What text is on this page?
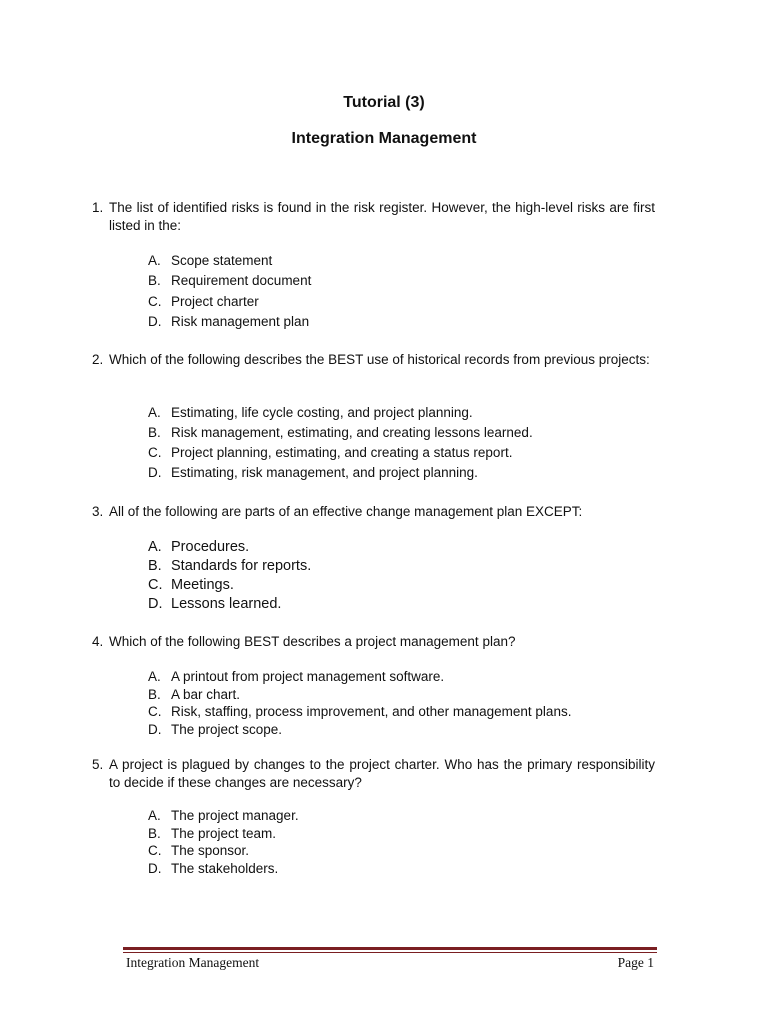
Tutorial (3)
Integration Management
1. The list of identified risks is found in the risk register. However, the high-level risks are first listed in the:
A. Scope statement
B. Requirement document
C. Project charter
D. Risk management plan
2. Which of the following describes the BEST use of historical records from previous projects:
A. Estimating, life cycle costing, and project planning.
B. Risk management, estimating, and creating lessons learned.
C. Project planning, estimating, and creating a status report.
D. Estimating, risk management, and project planning.
3. All of the following are parts of an effective change management plan EXCEPT:
A. Procedures.
B. Standards for reports.
C. Meetings.
D. Lessons learned.
4. Which of the following BEST describes a project management plan?
A. A printout from project management software.
B. A bar chart.
C. Risk, staffing, process improvement, and other management plans.
D. The project scope.
5. A project is plagued by changes to the project charter. Who has the primary responsibility to decide if these changes are necessary?
A. The project manager.
B. The project team.
C. The sponsor.
D. The stakeholders.
Integration Management	Page 1
